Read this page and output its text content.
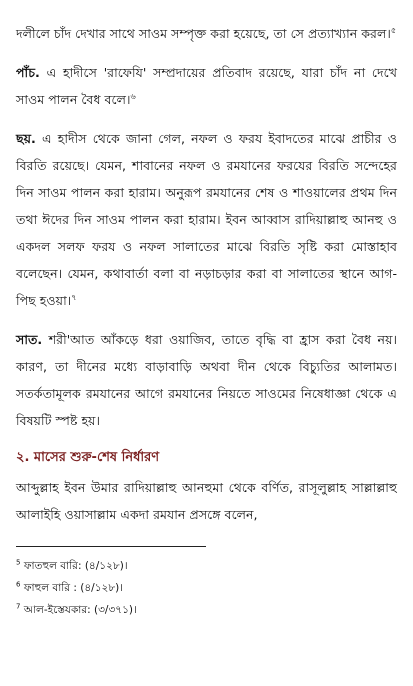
দলীলে চাঁদ দেখার সাথে সাওম সম্পৃক্ত করা হয়েছে, তা সে প্রত্যাখ্যান করল।$^৫$

পাঁচ. এ হাদীসে 'রাফেযি' সম্প্রদায়ের প্রতিবাদ রয়েছে, যারা চাঁদ না দেখে সাওম পালন বৈধ বলে।$^৬$

ছয়. এ হাদীস থেকে জানা গেল, নফল ও ফরয ইবাদতের মাঝে প্রাচীর ও বিরতি রয়েছে। যেমন, শাবানের নফল ও রমযানের ফরযের বিরতি সন্দেহের দিন সাওম পালন করা হারাম। অনুরূপ রমযানের শেষ ও শাওয়ালের প্রথম দিন তথা ঈদের দিন সাওম পালন করা হারাম। ইবন আব্বাস রাদিয়াল্লাহু আনহু ও একদল সলফ ফরয ও নফল সালাতের মাঝে বিরতি সৃষ্টি করা মোস্তাহাব বলেছেন। যেমন, কথাবার্তা বলা বা নড়াচড়ার করা বা সালাতের স্থানে আগ-পিছ হওয়া।$^৭$

সাত. শরী'আত আঁকড়ে ধরা ওয়াজিব, তাতে বৃদ্ধি বা হ্রাস করা বৈধ নয়। কারণ, তা দীনের মধ্যে বাড়াবাড়ি অথবা দীন থেকে বিচ্যুতির আলামত। সতর্কতামূলক রমযানের আগে রমযানের নিয়তে সাওমের নিষেধাজ্ঞা থেকে এ বিষয়টি স্পষ্ট হয়।

২. মাসের শুরু-শেষ নির্ধারণ

আব্দুল্লাহ ইবন উমার রাদিয়াল্লাহু আনহুমা থেকে বর্ণিত, রাসূলুল্লাহ সাল্লাল্লাহু আলাইহি ওয়াসাল্লাম একদা রমযান প্রসঙ্গে বলেন,

$^5$ ফাতহুল বারি: (৪/১২৮)।

$^6$ ফাহুল বারি : (৪/১২৮)।

$^7$ আল-ইস্তেযকার: (৩/৩৭১)।
